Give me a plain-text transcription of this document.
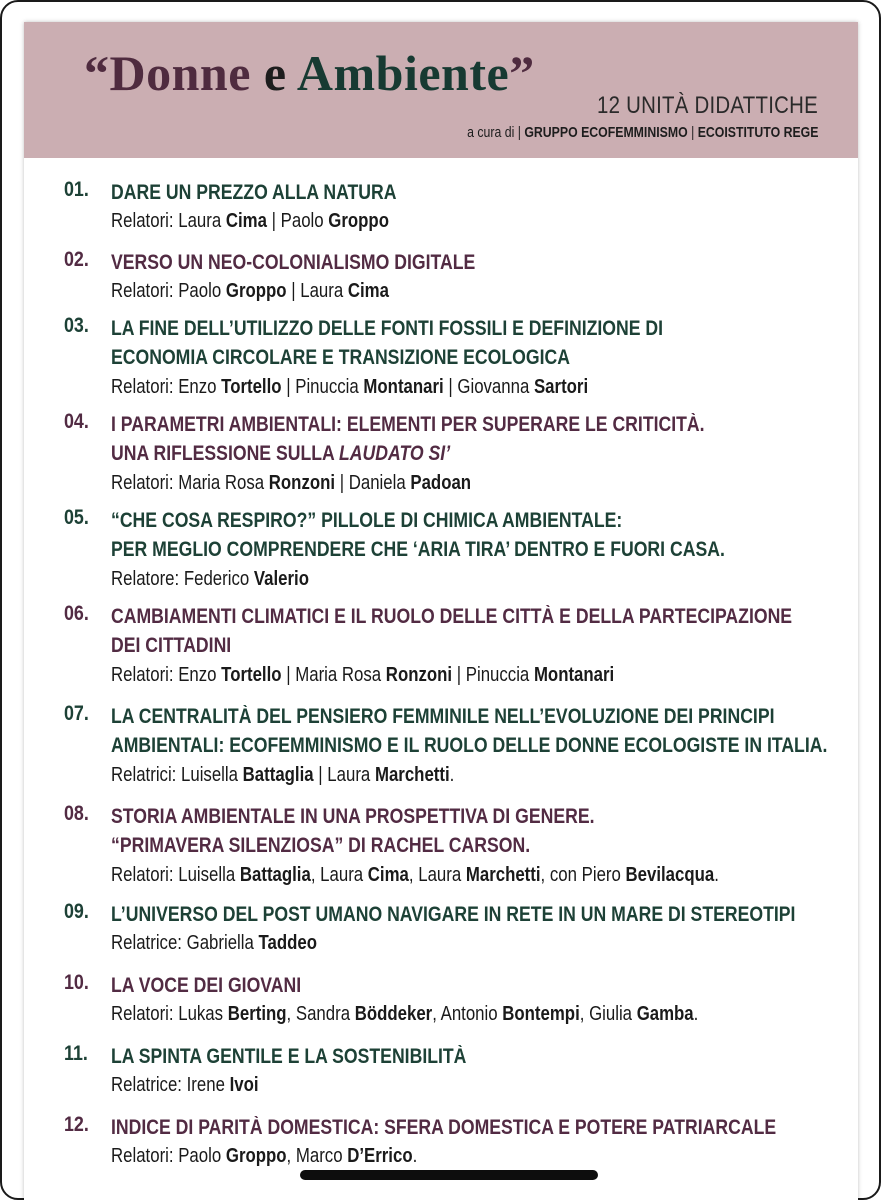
“Donne e Ambiente”
12 UNITÀ DIDATTICHE
a cura di | GRUPPO ECOFEMMINISMO | ECOISTITUTO REGE
01. DARE UN PREZZO ALLA NATURA
Relatori: Laura Cima | Paolo Groppo
02. VERSO UN NEO-COLONIALISMO DIGITALE
Relatori: Paolo Groppo | Laura Cima
03. LA FINE DELL’UTILIZZO DELLE FONTI FOSSILI E DEFINIZIONE DI
ECONOMIA CIRCOLARE E TRANSIZIONE ECOLOGICA
Relatori: Enzo Tortello | Pinuccia Montanari | Giovanna Sartori
04. I PARAMETRI AMBIENTALI: ELEMENTI PER SUPERARE LE CRITICITÀ.
UNA RIFLESSIONE SULLA LAUDATO SI’
Relatori: Maria Rosa Ronzoni | Daniela Padoan
05. “CHE COSA RESPIRO?” PILLOLE DI CHIMICA AMBIENTALE:
PER MEGLIO COMPRENDERE CHE ‘ARIA TIRA’ DENTRO E FUORI CASA.
Relatore: Federico Valerio
06. CAMBIAMENTI CLIMATICI E IL RUOLO DELLE CITTÀ E DELLA PARTECIPAZIONE
DEI CITTADINI
Relatori: Enzo Tortello | Maria Rosa Ronzoni | Pinuccia Montanari
07. LA CENTRALITÀ DEL PENSIERO FEMMINILE NELL’EVOLUZIONE DEI PRINCIPI
AMBIENTALI: ECOFEMMINISMO E IL RUOLO DELLE DONNE ECOLOGISTE IN ITALIA.
Relatrici: Luisella Battaglia | Laura Marchetti.
08. STORIA AMBIENTALE IN UNA PROSPETTIVA DI GENERE.
“PRIMAVERA SILENZIOSA” DI RACHEL CARSON.
Relatori: Luisella Battaglia, Laura Cima, Laura Marchetti, con Piero Bevilacqua.
09. L’UNIVERSO DEL POST UMANO NAVIGARE IN RETE IN UN MARE DI STEREOTIPI
Relatrice: Gabriella Taddeo
10. LA VOCE DEI GIOVANI
Relatori: Lukas Berting, Sandra Böddeker, Antonio Bontempi, Giulia Gamba.
11. LA SPINTA GENTILE E LA SOSTENIBILITÀ
Relatrice: Irene Ivoi
12. INDICE DI PARITÀ DOMESTICA: SFERA DOMESTICA E POTERE PATRIARCALE
Relatori: Paolo Groppo, Marco D’Errico.
